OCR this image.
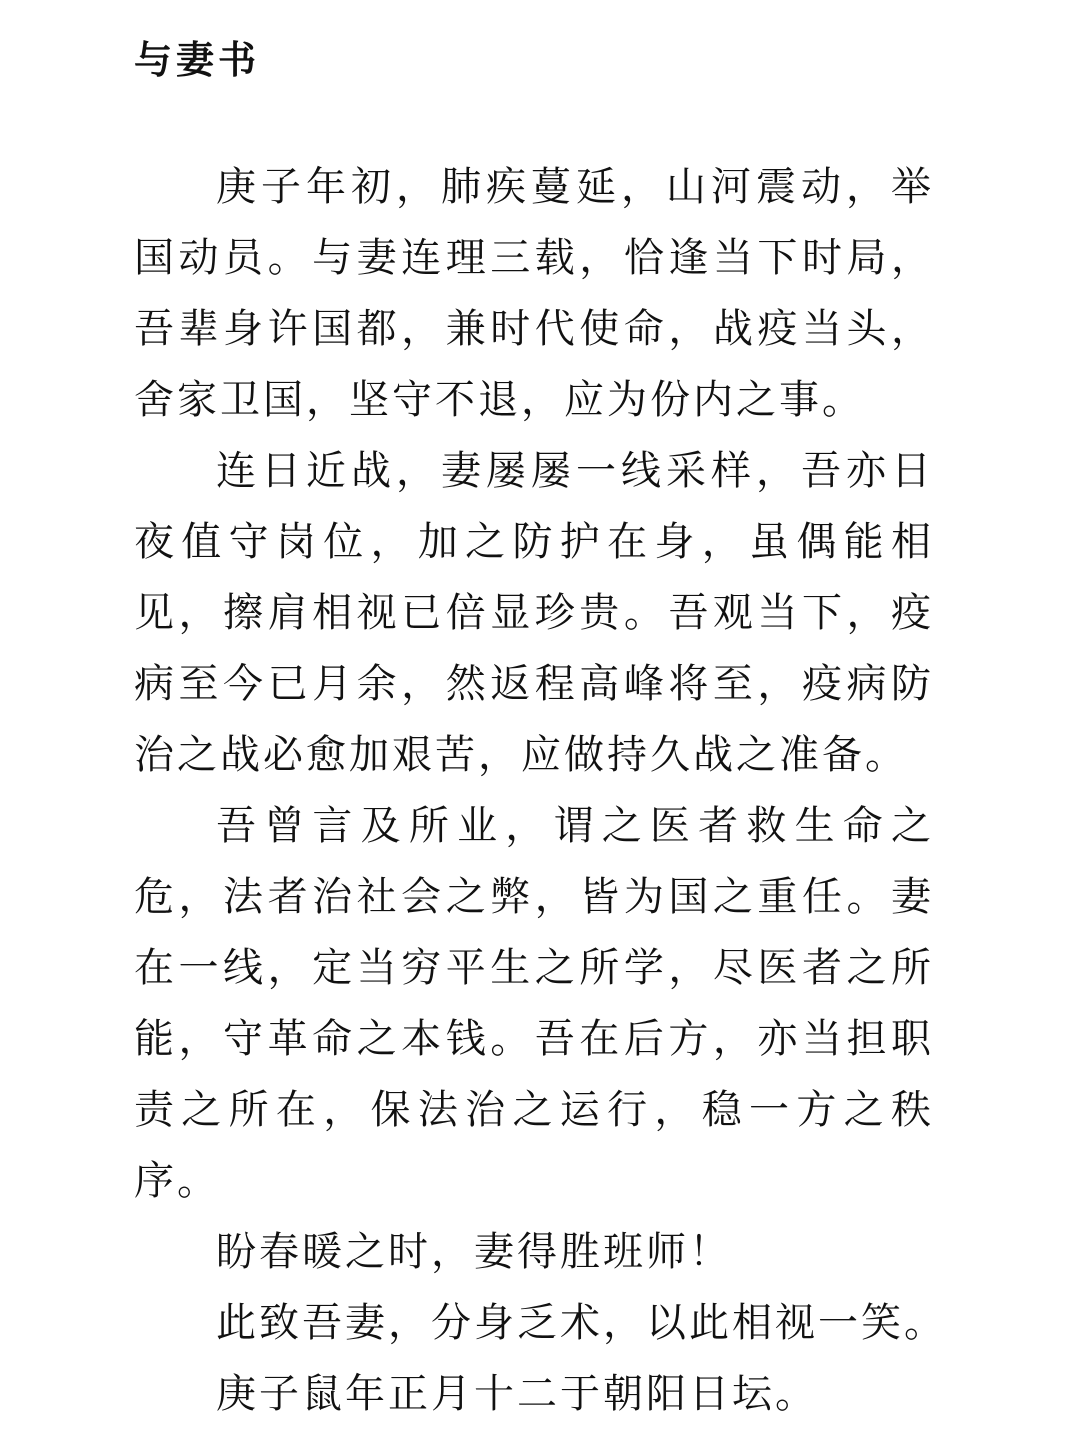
与妻书

庚子年初，肺疾蔓延，山河震动，举国动员。与妻连理三载，恰逢当下时局，吾辈身许国都，兼时代使命，战疫当头，舍家卫国，坚守不退，应为份内之事。

连日近战，妻屡屡一线采样，吾亦日夜值守岗位，加之防护在身，虽偶能相见，擦肩相视已倍显珍贵。吾观当下，疫病至今已月余，然返程高峰将至，疫病防治之战必愈加艰苦，应做持久战之准备。

吾曾言及所业，谓之医者救生命之危，法者治社会之弊，皆为国之重任。妻在一线，定当穷平生之所学，尽医者之所能，守革命之本钱。吾在后方，亦当担职责之所在，保法治之运行，稳一方之秩序。

盼春暖之时，妻得胜班师！

此致吾妻，分身乏术，以此相视一笑。

庚子鼠年正月十二于朝阳日坛。
